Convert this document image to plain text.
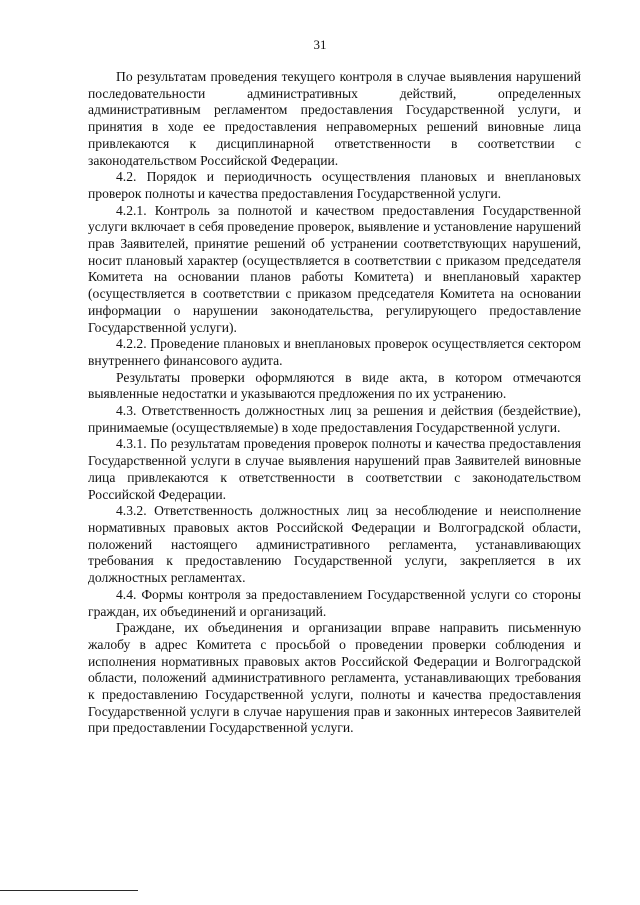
31

По результатам проведения текущего контроля в случае выявления нарушений последовательности административных действий, определенных административным регламентом предоставления Государственной услуги, и принятия в ходе ее предоставления неправомерных решений виновные лица привлекаются к дисциплинарной ответственности в соответствии с законодательством Российской Федерации.

4.2. Порядок и периодичность осуществления плановых и внеплановых проверок полноты и качества предоставления Государственной услуги.

4.2.1. Контроль за полнотой и качеством предоставления Государственной услуги включает в себя проведение проверок, выявление и установление нарушений прав Заявителей, принятие решений об устранении соответствующих нарушений, носит плановый характер (осуществляется в соответствии с приказом председателя Комитета на основании планов работы Комитета) и внеплановый характер (осуществляется в соответствии с приказом председателя Комитета на основании информации о нарушении законодательства, регулирующего предоставление Государственной услуги).

4.2.2. Проведение плановых и внеплановых проверок осуществляется сектором внутреннего финансового аудита.

Результаты проверки оформляются в виде акта, в котором отмечаются выявленные недостатки и указываются предложения по их устранению.

4.3. Ответственность должностных лиц за решения и действия (бездействие), принимаемые (осуществляемые) в ходе предоставления Государственной услуги.

4.3.1. По результатам проведения проверок полноты и качества предоставления Государственной услуги в случае выявления нарушений прав Заявителей виновные лица привлекаются к ответственности в соответствии с законодательством Российской Федерации.

4.3.2. Ответственность должностных лиц за несоблюдение и неисполнение нормативных правовых актов Российской Федерации и Волгоградской области, положений настоящего административного регламента, устанавливающих требования к предоставлению Государственной услуги, закрепляется в их должностных регламентах.

4.4. Формы контроля за предоставлением Государственной услуги со стороны граждан, их объединений и организаций.

Граждане, их объединения и организации вправе направить письменную жалобу в адрес Комитета с просьбой о проведении проверки соблюдения и исполнения нормативных правовых актов Российской Федерации и Волгоградской области, положений административного регламента, устанавливающих требования к предоставлению Государственной услуги, полноты и качества предоставления Государственной услуги в случае нарушения прав и законных интересов Заявителей при предоставлении Государственной услуги.
